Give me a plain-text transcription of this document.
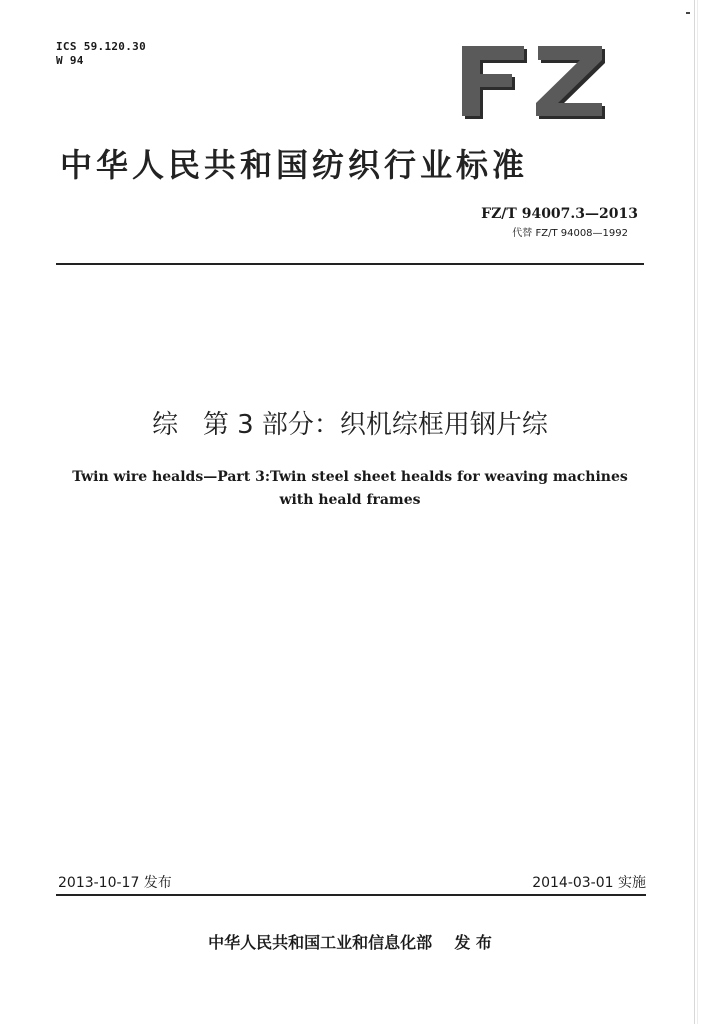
ICS 59.120.30
W 94
中华人民共和国纺织行业标准
FZ/T 94007.3—2013
代替 FZ/T 94008—1992
综   第 3 部分：织机综框用钢片综
Twin wire healds—Part 3:Twin steel sheet healds for weaving machines
with heald frames
2013-10-17 发布	2014-03-01 实施
中华人民共和国工业和信息化部    发 布
